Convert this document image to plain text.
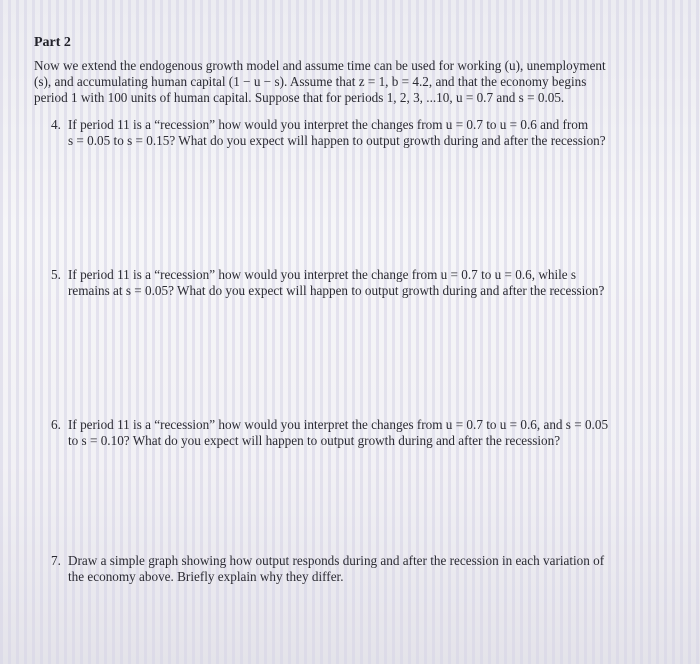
Part 2

Now we extend the endogenous growth model and assume time can be used for working (u), unemployment

(s), and accumulating human capital (1 − u − s). Assume that z = 1, b = 4.2, and that the economy begins

period 1 with 100 units of human capital. Suppose that for periods 1, 2, 3, ...10, u = 0.7 and s = 0.05.

4. If period 11 is a “recession” how would you interpret the changes from u = 0.7 to u = 0.6 and from
s = 0.05 to s = 0.15? What do you expect will happen to output growth during and after the recession?
5. If period 11 is a “recession” how would you interpret the change from u = 0.7 to u = 0.6, while s
remains at s = 0.05? What do you expect will happen to output growth during and after the recession?
6. If period 11 is a “recession” how would you interpret the changes from u = 0.7 to u = 0.6, and s = 0.05
to s = 0.10? What do you expect will happen to output growth during and after the recession?
7. Draw a simple graph showing how output responds during and after the recession in each variation of
the economy above. Briefly explain why they differ.
